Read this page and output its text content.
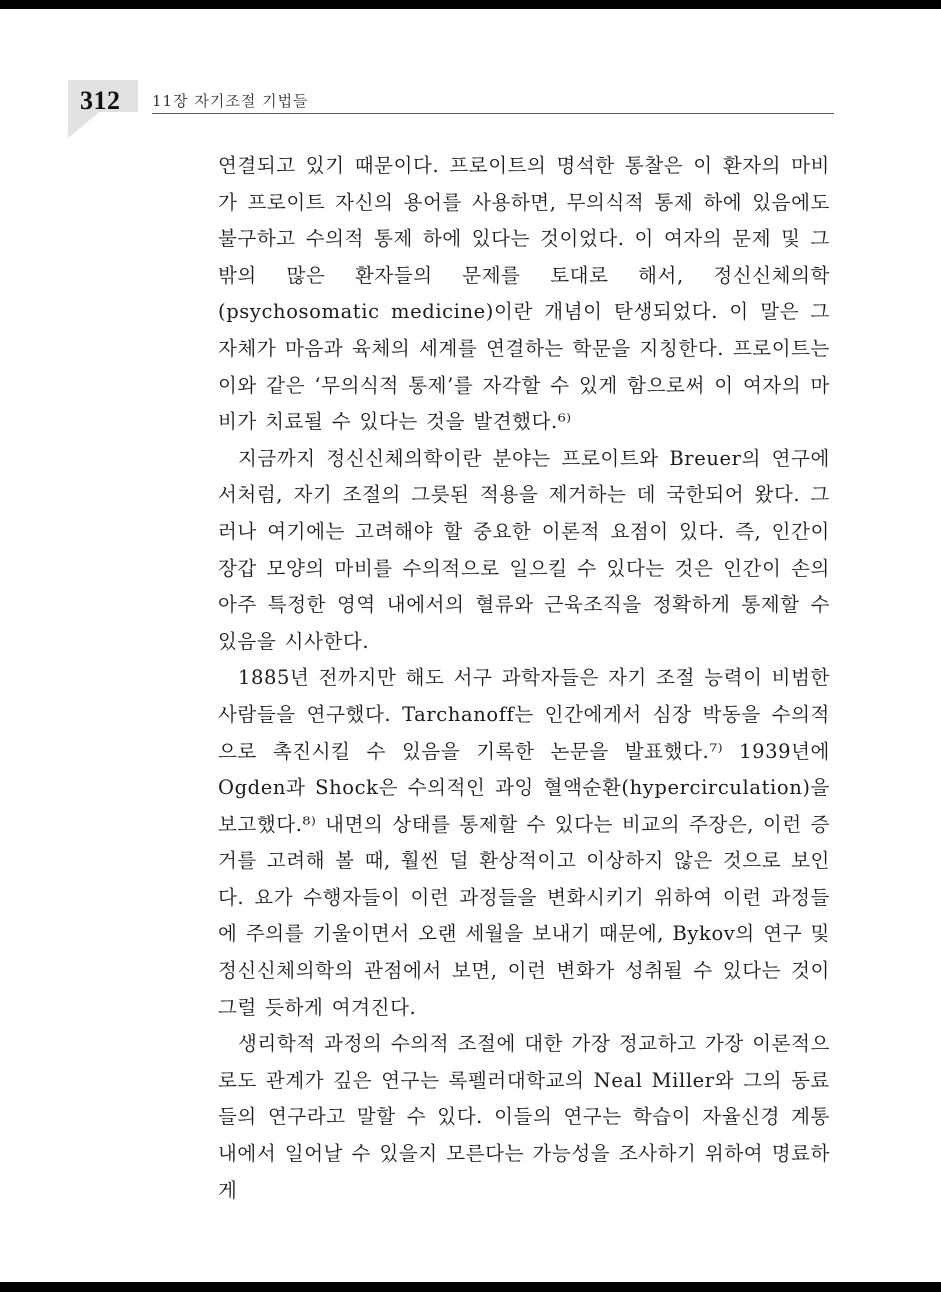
312 11장 자기조절 기법들

연결되고 있기 때문이다. 프로이트의 명석한 통찰은 이 환자의 마비가 프로이트 자신의 용어를 사용하면, 무의식적 통제 하에 있음에도 불구하고 수의적 통제 하에 있다는 것이었다. 이 여자의 문제 및 그 밖의 많은 환자들의 문제를 토대로 해서, 정신신체의학(psychosomatic medicine)이란 개념이 탄생되었다. 이 말은 그 자체가 마음과 육체의 세계를 연결하는 학문을 지칭한다. 프로이트는 이와 같은 ‘무의식적 통제’를 자각할 수 있게 함으로써 이 여자의 마비가 치료될 수 있다는 것을 발견했다.⁶⁾

지금까지 정신신체의학이란 분야는 프로이트와 Breuer의 연구에서처럼, 자기 조절의 그릇된 적용을 제거하는 데 국한되어 왔다. 그러나 여기에는 고려해야 할 중요한 이론적 요점이 있다. 즉, 인간이 장갑 모양의 마비를 수의적으로 일으킬 수 있다는 것은 인간이 손의 아주 특정한 영역 내에서의 혈류와 근육조직을 정확하게 통제할 수 있음을 시사한다.

1885년 전까지만 해도 서구 과학자들은 자기 조절 능력이 비범한 사람들을 연구했다. Tarchanoff는 인간에게서 심장 박동을 수의적으로 촉진시킬 수 있음을 기록한 논문을 발표했다.⁷⁾ 1939년에 Ogden과 Shock은 수의적인 과잉 혈액순환(hypercirculation)을 보고했다.⁸⁾ 내면의 상태를 통제할 수 있다는 비교의 주장은, 이런 증거를 고려해 볼 때, 훨씬 덜 환상적이고 이상하지 않은 것으로 보인다. 요가 수행자들이 이런 과정들을 변화시키기 위하여 이런 과정들에 주의를 기울이면서 오랜 세월을 보내기 때문에, Bykov의 연구 및 정신신체의학의 관점에서 보면, 이런 변화가 성취될 수 있다는 것이 그럴 듯하게 여겨진다.

생리학적 과정의 수의적 조절에 대한 가장 정교하고 가장 이론적으로도 관계가 깊은 연구는 록펠러대학교의 Neal Miller와 그의 동료들의 연구라고 말할 수 있다. 이들의 연구는 학습이 자율신경 계통 내에서 일어날 수 있을지 모른다는 가능성을 조사하기 위하여 명료하게
